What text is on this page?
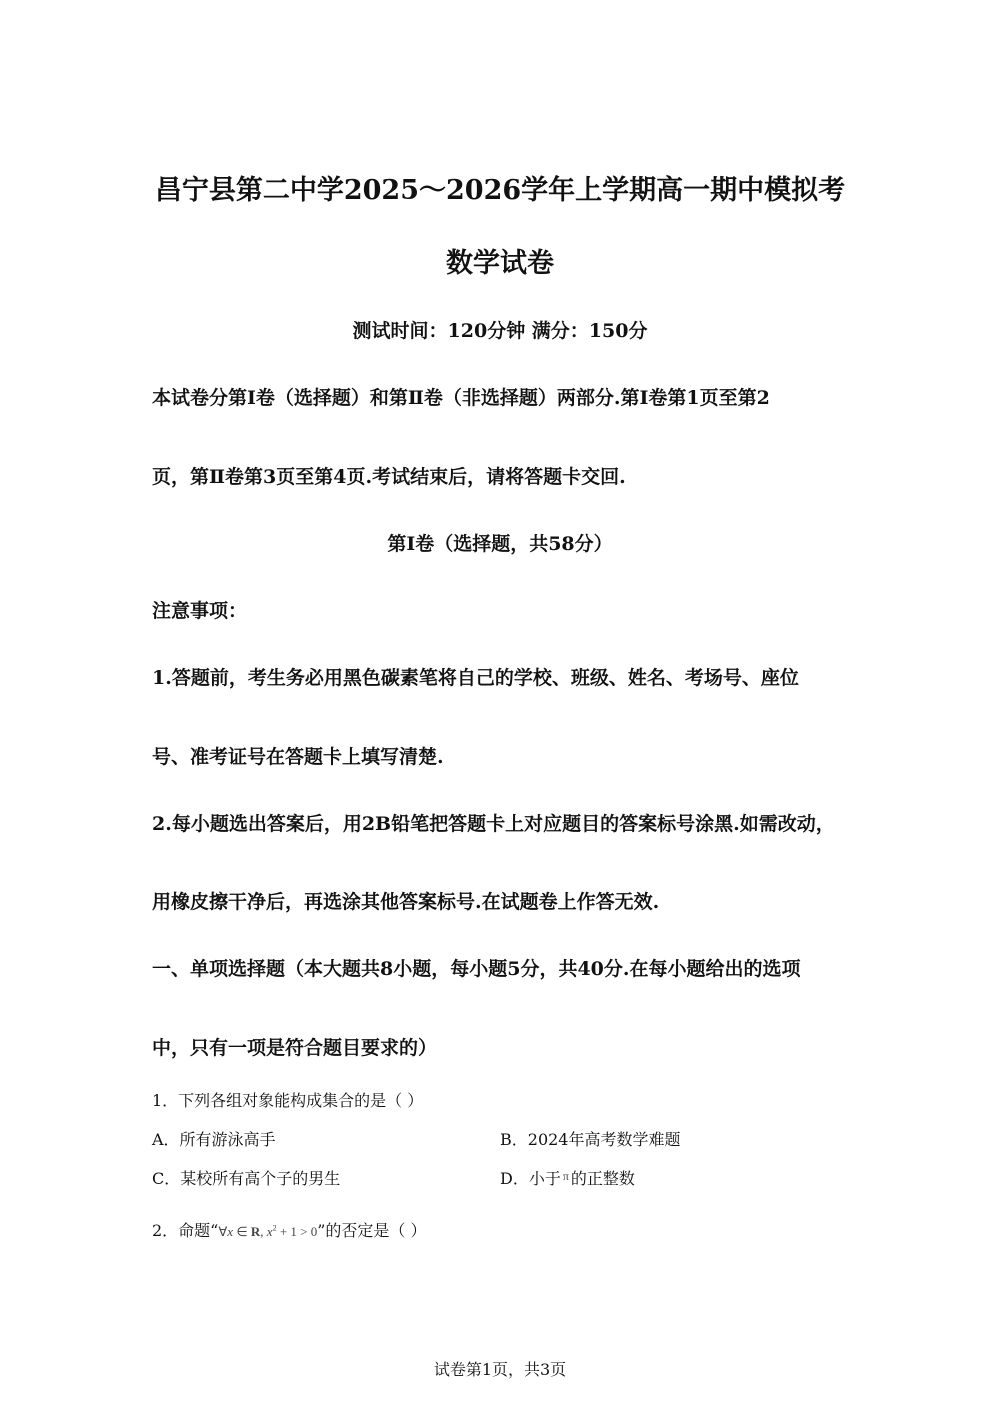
昌宁县第二中学2025～2026学年上学期高一期中模拟考
数学试卷
测试时间：120分钟 满分：150分
本试卷分第Ⅰ卷（选择题）和第Ⅱ卷（非选择题）两部分.第Ⅰ卷第1页至第2
页，第Ⅱ卷第3页至第4页.考试结束后，请将答题卡交回.
第Ⅰ卷（选择题，共58分）
注意事项：
1.答题前，考生务必用黑色碳素笔将自己的学校、班级、姓名、考场号、座位
号、准考证号在答题卡上填写清楚.
2.每小题选出答案后，用2B铅笔把答题卡上对应题目的答案标号涂黑.如需改动，
用橡皮擦干净后，再选涂其他答案标号.在试题卷上作答无效.
一、单项选择题（本大题共8小题，每小题5分，共40分.在每小题给出的选项
中，只有一项是符合题目要求的）
1．下列各组对象能构成集合的是（ ）
A．所有游泳高手	B．2024年高考数学难题
C．某校所有高个子的男生	D．小于 $^\pi$ 的正整数
2．命题“∀x ∈ R, $x^2 + 1 > 0$”的否定是（ ）
试卷第1页，共3页
